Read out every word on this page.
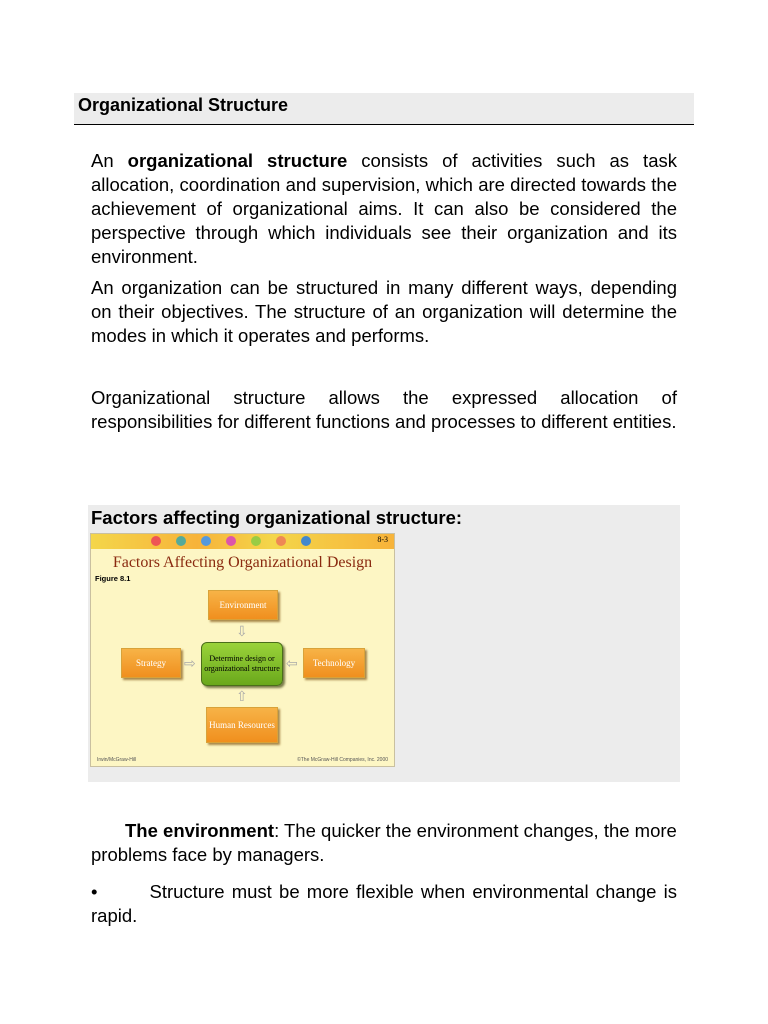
Organizational Structure

An organizational structure consists of activities such as task allocation, coordination and supervision, which are directed towards the achievement of organizational aims. It can also be considered the perspective through which individuals see their organization and its environment.

An organization can be structured in many different ways, depending on their objectives. The structure of an organization will determine the modes in which it operates and performs.

Organizational structure allows the expressed allocation of responsibilities for different functions and processes to different entities.

Factors affecting organizational structure:
8-3
Factors Affecting Organizational Design
Figure 8.1
Environment
⇩
Strategy	⇨	Determine design or organizational structure ⇦	Technology
⇧
Human Resources
Irwin/McGraw-Hill	©The McGraw-Hill Companies, Inc. 2000

The environment: The quicker the environment changes, the more problems face by managers.

•	Structure must be more flexible when environmental change is rapid.
